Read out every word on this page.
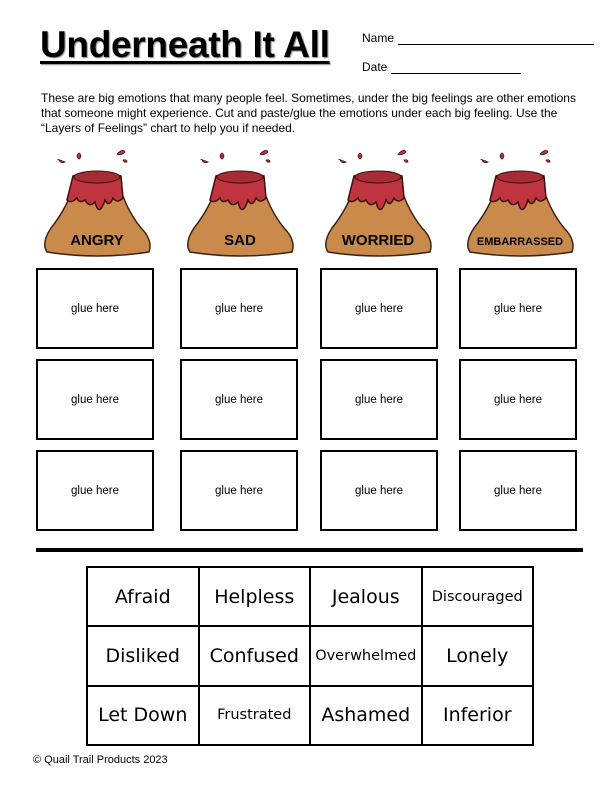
Underneath It All	Name
Date
These are big emotions that many people feel. Sometimes, under the big feelings are other emotions that someone might experience. Cut and paste/glue the emotions under each big feeling. Use the “Layers of Feelings” chart to help you if needed.
ANGRY	SAD	WORRIED	EMBARRASSED
glue here	glue here	glue here	glue here
glue here	glue here	glue here	glue here
glue here	glue here	glue here	glue here
Afraid	Helpless	Jealous	Discouraged
Disliked	Confused	Overwhelmed	Lonely
Let Down	Frustrated	Ashamed	Inferior
© Quail Trail Products 2023
